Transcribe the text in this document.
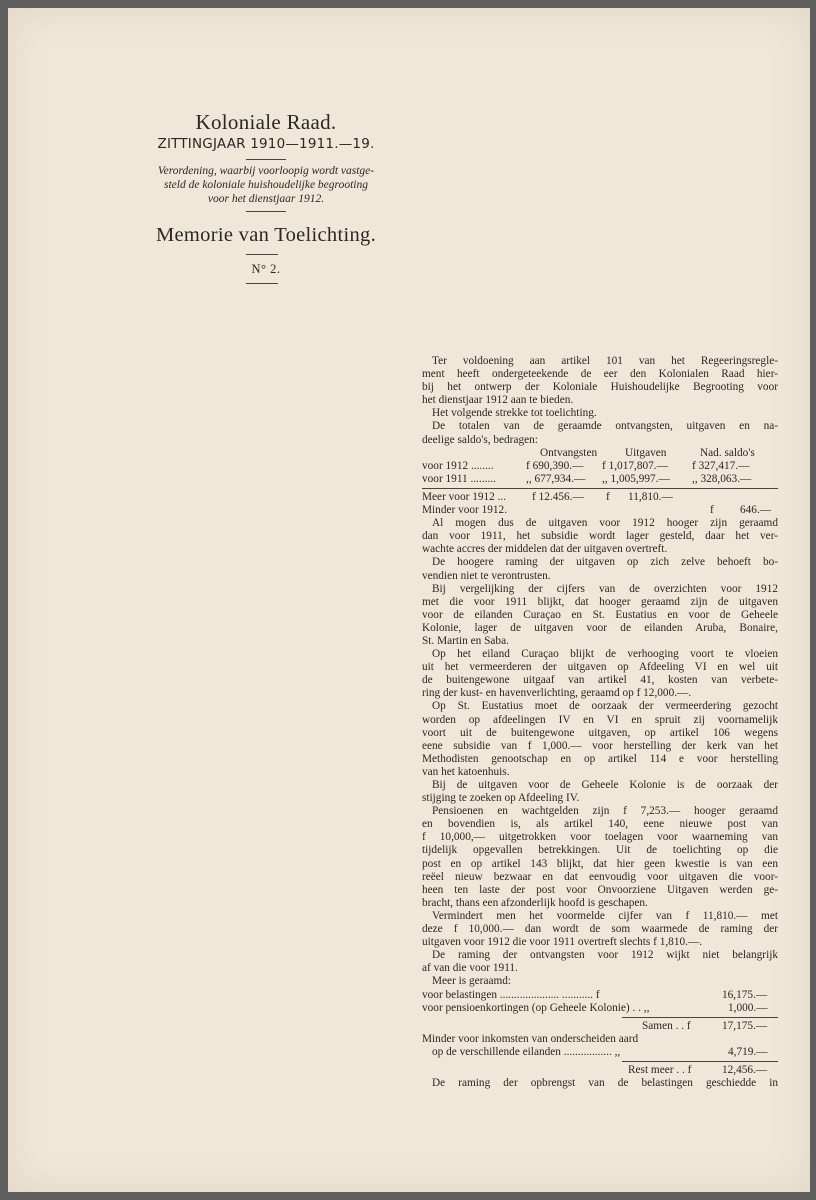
Koloniale Raad.
ZITTINGJAAR 1910—1911.—19.
Verordening, waarbij voorloopig wordt vastge-
steld de koloniale huishoudelijke begrooting
voor het dienstjaar 1912.
Memorie van Toelichting.
N° 2.
Ter voldoening aan artikel 101 van het Regeeringsregle-
ment heeft ondergeteekende de eer den Kolonialen Raad hier-
bij het ontwerp der Koloniale Huishoudelijke Begrooting voor
het dienstjaar 1912 aan te bieden.
Het volgende strekke tot toelichting.
De totalen van de geraamde ontvangsten, uitgaven en na-
deelige saldo's, bedragen:
Ontvangsten	Uitgaven	Nad. saldo's
voor 1912 ........	f 690,390.—	f 1,017,807.—	f 327,417.—
voor 1911 .........	,, 677,934.—	,, 1,005,997.—	,, 328,063.—
Meer voor 1912 ...	f 12.456.—	f	11,810.—
Minder voor 1912.	f	646.—
Al mogen dus de uitgaven voor 1912 hooger zijn geraamd
dan voor 1911, het subsidie wordt lager gesteld, daar het ver-
wachte accres der middelen dat der uitgaven overtreft.
De hoogere raming der uitgaven op zich zelve behoeft bo-
vendien niet te verontrusten.
Bij vergelijking der cijfers van de overzichten voor 1912
met die voor 1911 blijkt, dat hooger geraamd zijn de uitgaven
voor de eilanden Curaçao en St. Eustatius en voor de Geheele
Kolonie, lager de uitgaven voor de eilanden Aruba, Bonaire,
St. Martin en Saba.
Op het eiland Curaçao blijkt de verhooging voort te vloeien
uit het vermeerderen der uitgaven op Afdeeling VI en wel uit
de buitengewone uitgaaf van artikel 41, kosten van verbete-
ring der kust- en havenverlichting, geraamd op f 12,000.—.
Op St. Eustatius moet de oorzaak der vermeerdering gezocht
worden op afdeelingen IV en VI en spruit zij voornamelijk
voort uit de buitengewone uitgaven, op artikel 106 wegens
eene subsidie van f 1,000.— voor herstelling der kerk van het
Methodisten genootschap en op artikel 114 e voor herstelling
van het katoenhuis.
Bij de uitgaven voor de Geheele Kolonie is de oorzaak der
stijging te zoeken op Afdeeling IV.
Pensioenen en wachtgelden zijn f 7,253.— hooger geraamd
en bovendien is, als artikel 140, eene nieuwe post van
f 10,000,— uitgetrokken voor toelagen voor waarneming van
tijdelijk opgevallen betrekkingen. Uit de toelichting op die
post en op artikel 143 blijkt, dat hier geen kwestie is van een
reëel nieuw bezwaar en dat eenvoudig voor uitgaven die voor-
heen ten laste der post voor Onvoorziene Uitgaven werden ge-
bracht, thans een afzonderlijk hoofd is geschapen.
Vermindert men het voormelde cijfer van f 11,810.— met
deze f 10,000.— dan wordt de som waarmede de raming der
uitgaven voor 1912 die voor 1911 overtreft slechts f 1,810.—.
De raming der ontvangsten voor 1912 wijkt niet belangrijk
af van die voor 1911.
Meer is geraamd:
voor belastingen ..................... ........... f	16,175.—
voor pensioenkortingen (op Geheele Kolonie) . . ,,	1,000.—
Samen . . f	17,175.—
Minder voor inkomsten van onderscheiden aard
op de verschillende eilanden ................. ,,	4,719.—
Rest meer . . f	12,456.—
De raming der opbrengst van de belastingen geschiedde in
